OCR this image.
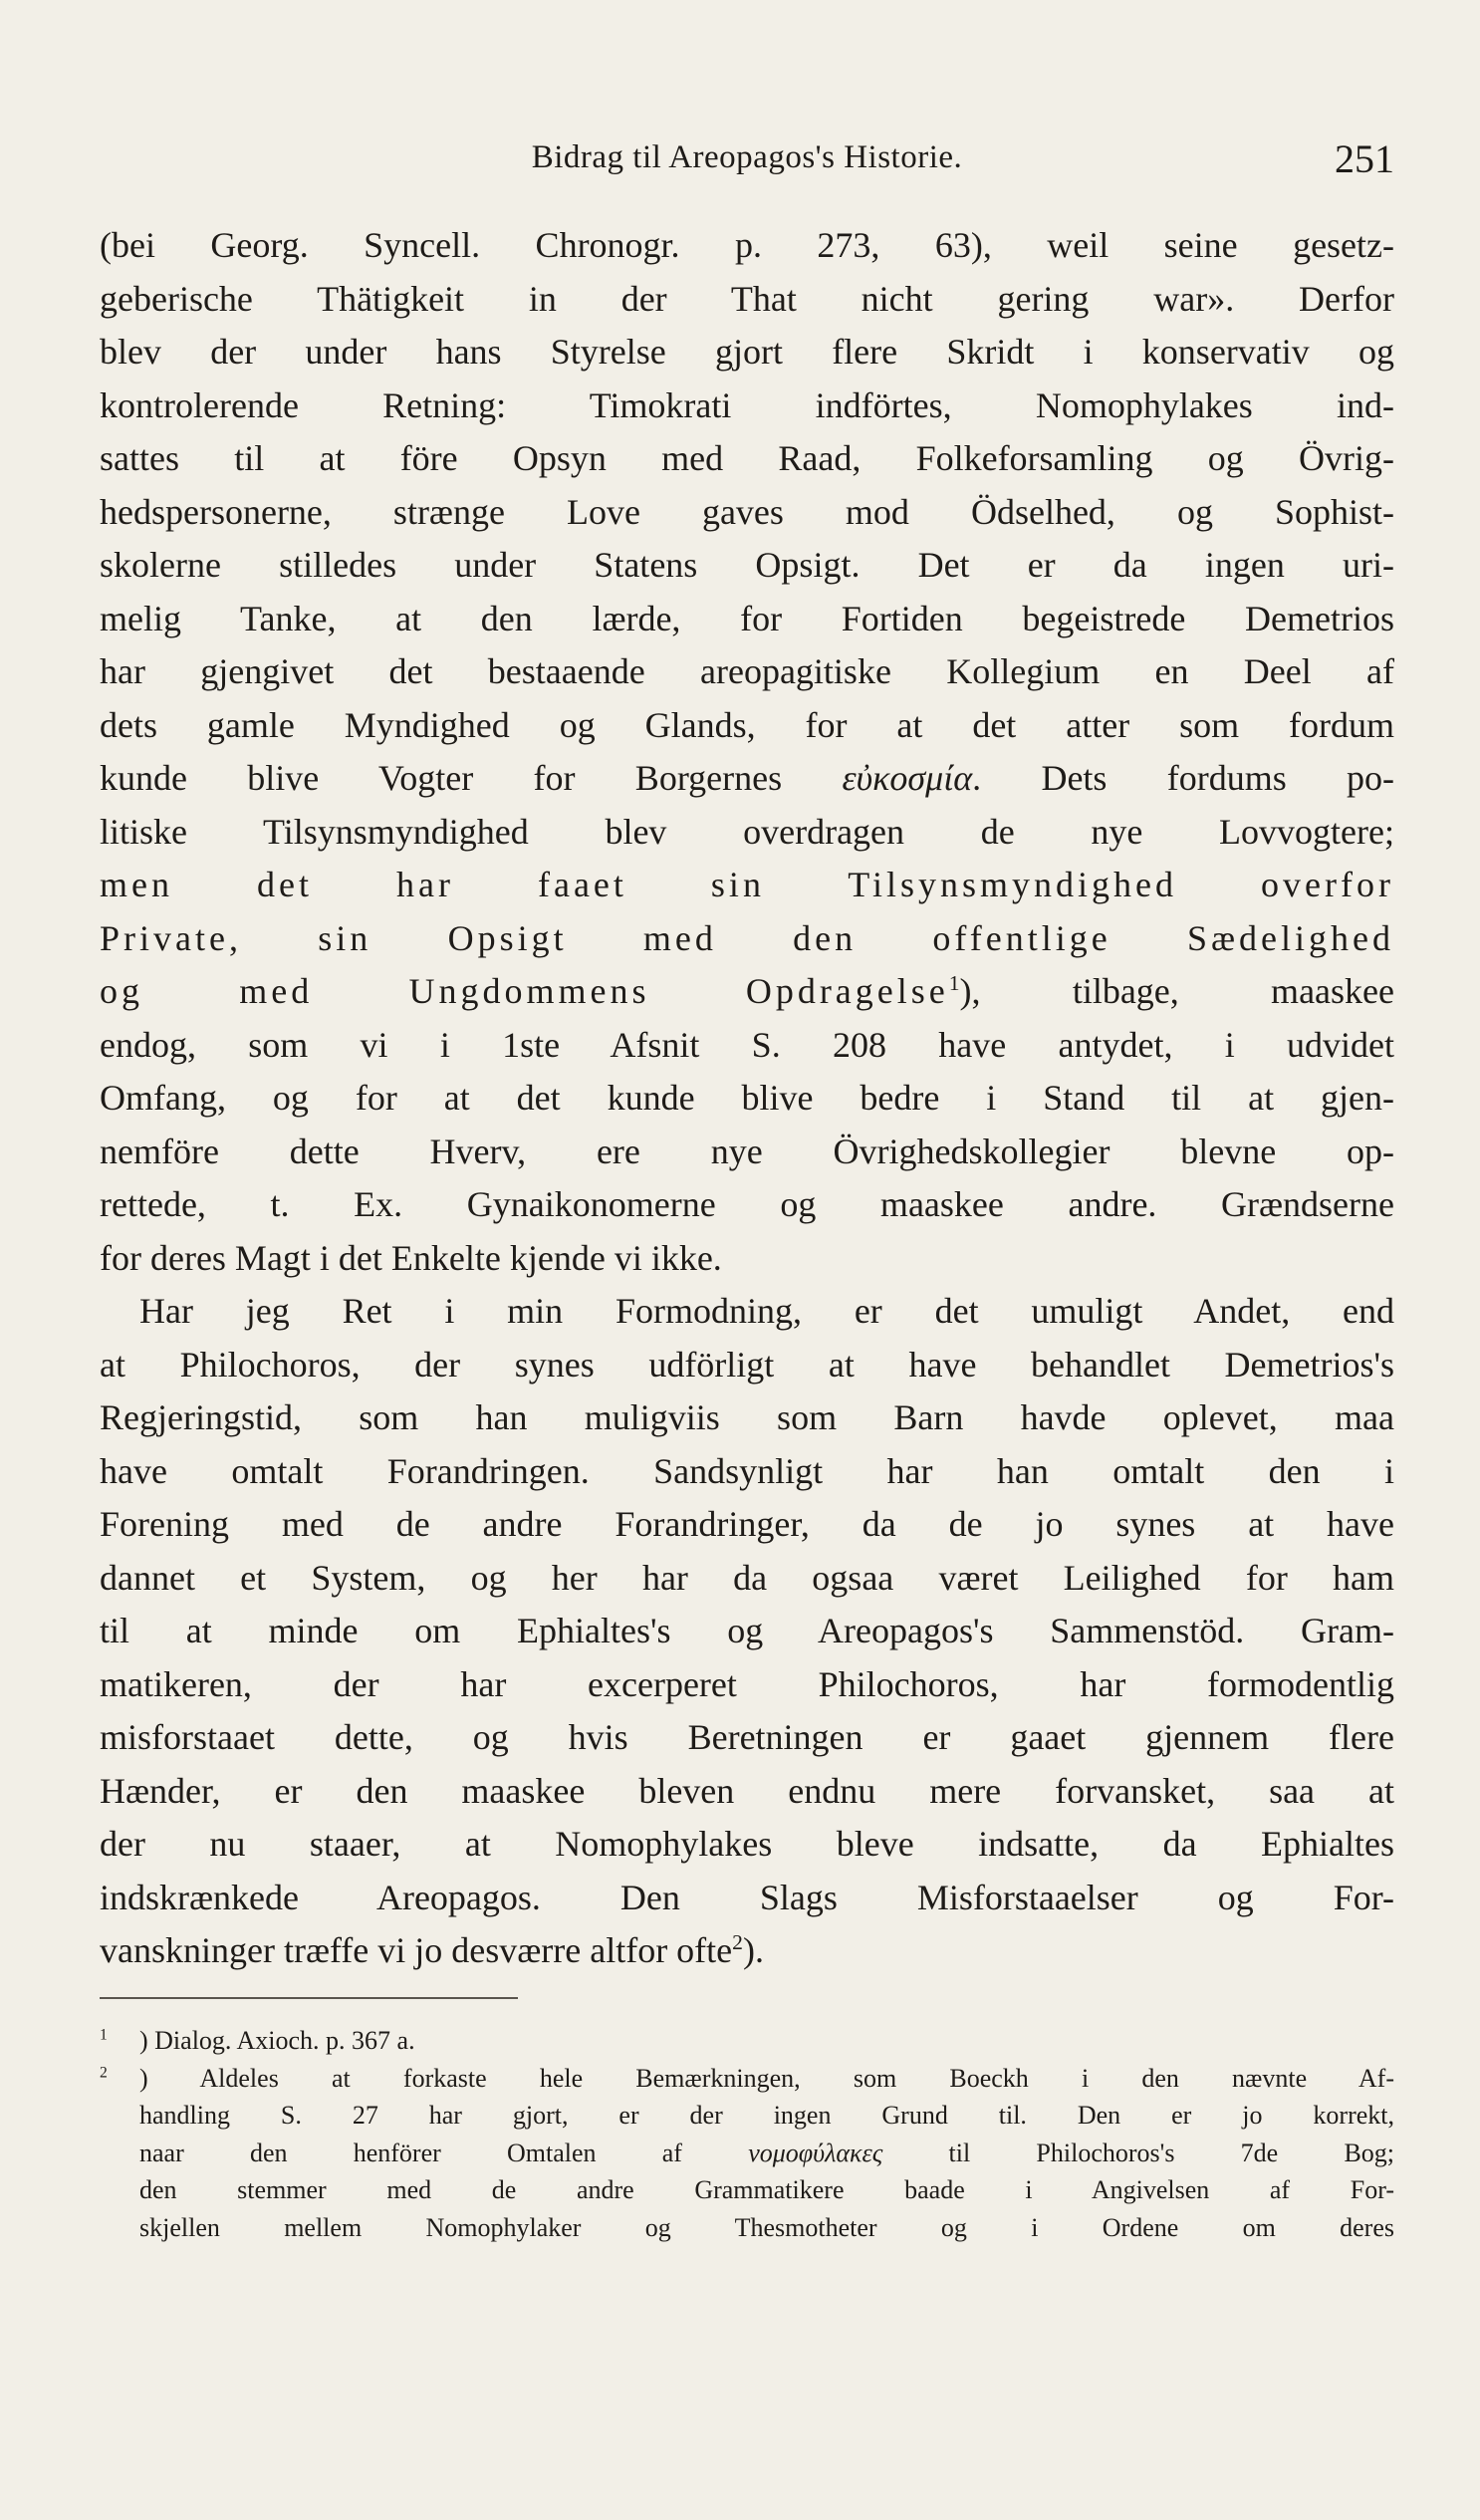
Bidrag til Areopagos's Historie.	251
(bei Georg. Syncell. Chronogr. p. 273, 63), weil seine gesetz-
geberische Thätigkeit in der That nicht gering war». Derfor
blev der under hans Styrelse gjort flere Skridt i konservativ og
kontrolerende Retning: Timokrati indförtes, Nomophylakes ind-
sattes til at före Opsyn med Raad, Folkeforsamling og Övrig-
hedspersonerne, strænge Love gaves mod Ödselhed, og Sophist-
skolerne stilledes under Statens Opsigt. Det er da ingen uri-
melig Tanke, at den lærde, for Fortiden begeistrede Demetrios
har gjengivet det bestaaende areopagitiske Kollegium en Deel af
dets gamle Myndighed og Glands, for at det atter som fordum
kunde blive Vogter for Borgernes εὐκοσμία. Dets fordums po-
litiske Tilsynsmyndighed blev overdragen de nye Lovvogtere;
men det har faaet sin Tilsynsmyndighed overfor
Private, sin Opsigt med den offentlige Sædelighed
og med Ungdommens Opdragelse$^1$), tilbage, maaskee
endog, som vi i 1ste Afsnit S. 208 have antydet, i udvidet
Omfang, og for at det kunde blive bedre i Stand til at gjen-
nemföre dette Hverv, ere nye Övrighedskollegier blevne op-
rettede, t. Ex. Gynaikonomerne og maaskee andre. Grændserne
for deres Magt i det Enkelte kjende vi ikke.
Har jeg Ret i min Formodning, er det umuligt Andet, end
at Philochoros, der synes udförligt at have behandlet Demetrios's
Regjeringstid, som han muligviis som Barn havde oplevet, maa
have omtalt Forandringen. Sandsynligt har han omtalt den i
Forening med de andre Forandringer, da de jo synes at have
dannet et System, og her har da ogsaa været Leilighed for ham
til at minde om Ephialtes's og Areopagos's Sammenstöd. Gram-
matikeren, der har excerperet Philochoros, har formodentlig
misforstaaet dette, og hvis Beretningen er gaaet gjennem flere
Hænder, er den maaskee bleven endnu mere forvansket, saa at
der nu staaer, at Nomophylakes bleve indsatte, da Ephialtes
indskrænkede Areopagos. Den Slags Misforstaaelser og For-
vanskninger træffe vi jo desværre altfor ofte$^2$).
$^1$ ) Dialog. Axioch. p. 367 a.
$^2$ ) Aldeles at forkaste hele Bemærkningen, som Boeckh i den nævnte Af-
handling S. 27 har gjort, er der ingen Grund til. Den er jo korrekt,
naar den henförer Omtalen af	νομοφύλακες	til Philochoros's 7de Bog;
den stemmer med de andre Grammatikere baade i Angivelsen af For-
skjellen mellem Nomophylaker og Thesmotheter og i Ordene om deres
